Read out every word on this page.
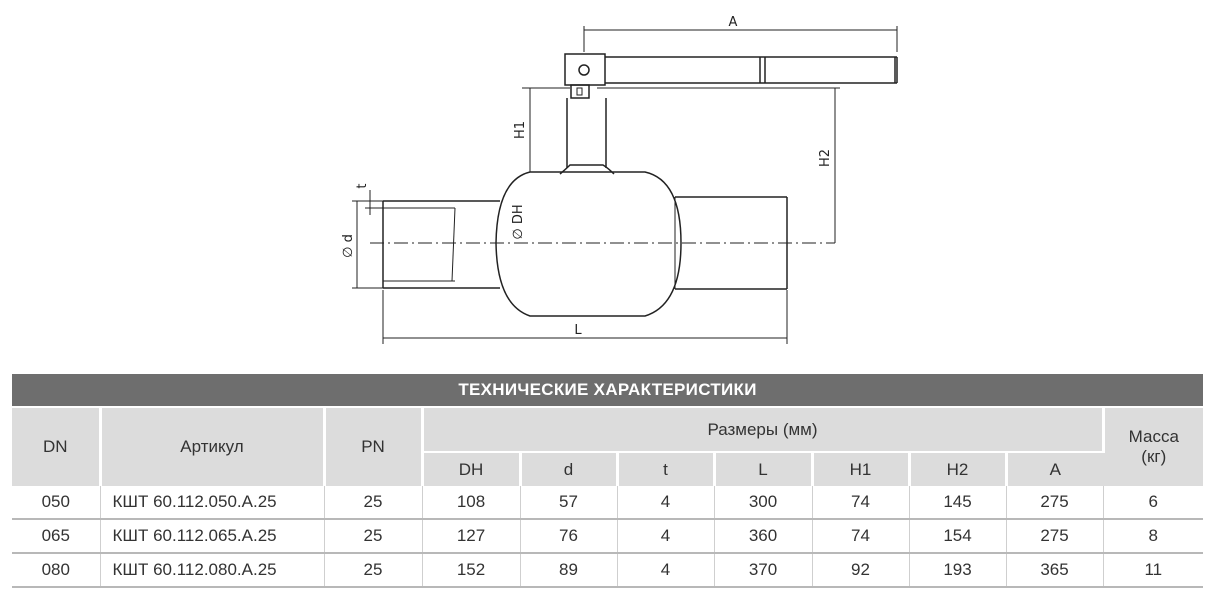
A
H1
H2
t
∅ d
∅ DH
L
ТЕХНИЧЕСКИЕ ХАРАКТЕРИСТИКИ										
DN	Артикул	PN	Размеры (мм)							Масса
(кг)

			DH	d	t	L	H1	H2	A	
050	КШТ 60.112.050.А.25	25	108	57	4	300	74	145	275	6
065	КШТ 60.112.065.А.25	25	127	76	4	360	74	154	275	8
080	КШТ 60.112.080.А.25	25	152	89	4	370	92	193	365	11
